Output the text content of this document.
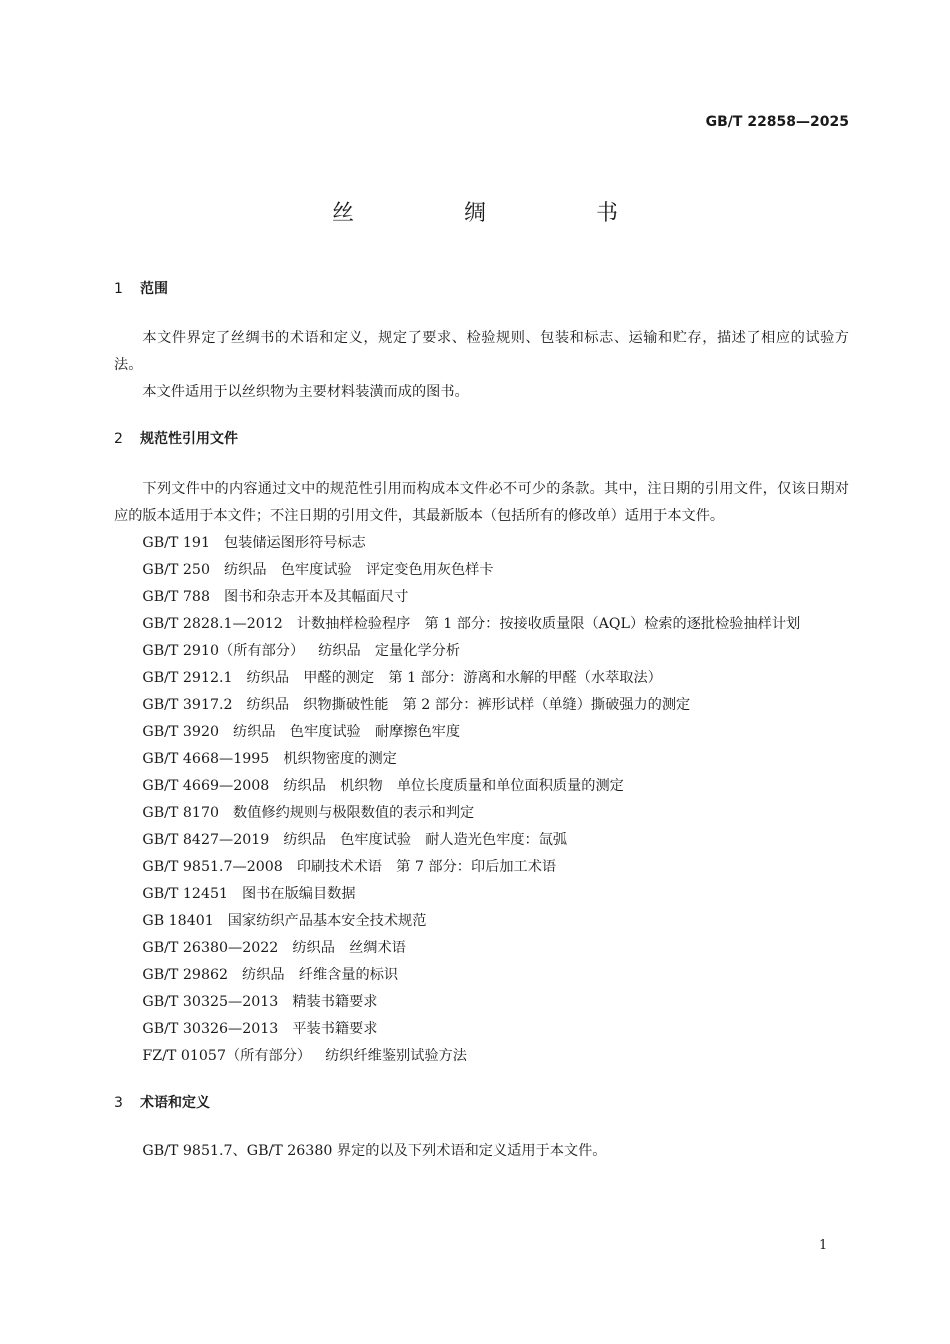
GB/T 22858—2025
丝　绸　书
1 范围

本文件界定了丝绸书的术语和定义，规定了要求、检验规则、包装和标志、运输和贮存，描述了相应的试验方法。

本文件适用于以丝织物为主要材料装潢而成的图书。

2 规范性引用文件

下列文件中的内容通过文中的规范性引用而构成本文件必不可少的条款。其中，注日期的引用文件，仅该日期对应的版本适用于本文件；不注日期的引用文件，其最新版本（包括所有的修改单）适用于本文件。

GB/T 191 包装储运图形符号标志

GB/T 250 纺织品　色牢度试验　评定变色用灰色样卡

GB/T 788 图书和杂志开本及其幅面尺寸

GB/T 2828.1—2012 计数抽样检验程序　第 1 部分：按接收质量限（AQL）检索的逐批检验抽样计划

GB/T 2910（所有部分） 纺织品　定量化学分析

GB/T 2912.1 纺织品　甲醛的测定　第 1 部分：游离和水解的甲醛（水萃取法）

GB/T 3917.2 纺织品　织物撕破性能　第 2 部分：裤形试样（单缝）撕破强力的测定

GB/T 3920 纺织品　色牢度试验　耐摩擦色牢度

GB/T 4668—1995 机织物密度的测定

GB/T 4669—2008 纺织品　机织物　单位长度质量和单位面积质量的测定

GB/T 8170 数值修约规则与极限数值的表示和判定

GB/T 8427—2019 纺织品　色牢度试验　耐人造光色牢度：氙弧

GB/T 9851.7—2008 印刷技术术语　第 7 部分：印后加工术语

GB/T 12451 图书在版编目数据

GB 18401 国家纺织产品基本安全技术规范

GB/T 26380—2022 纺织品　丝绸术语

GB/T 29862 纺织品　纤维含量的标识

GB/T 30325—2013 精装书籍要求

GB/T 30326—2013 平装书籍要求

FZ/T 01057（所有部分） 纺织纤维鉴别试验方法

3 术语和定义

GB/T 9851.7、GB/T 26380 界定的以及下列术语和定义适用于本文件。

1
